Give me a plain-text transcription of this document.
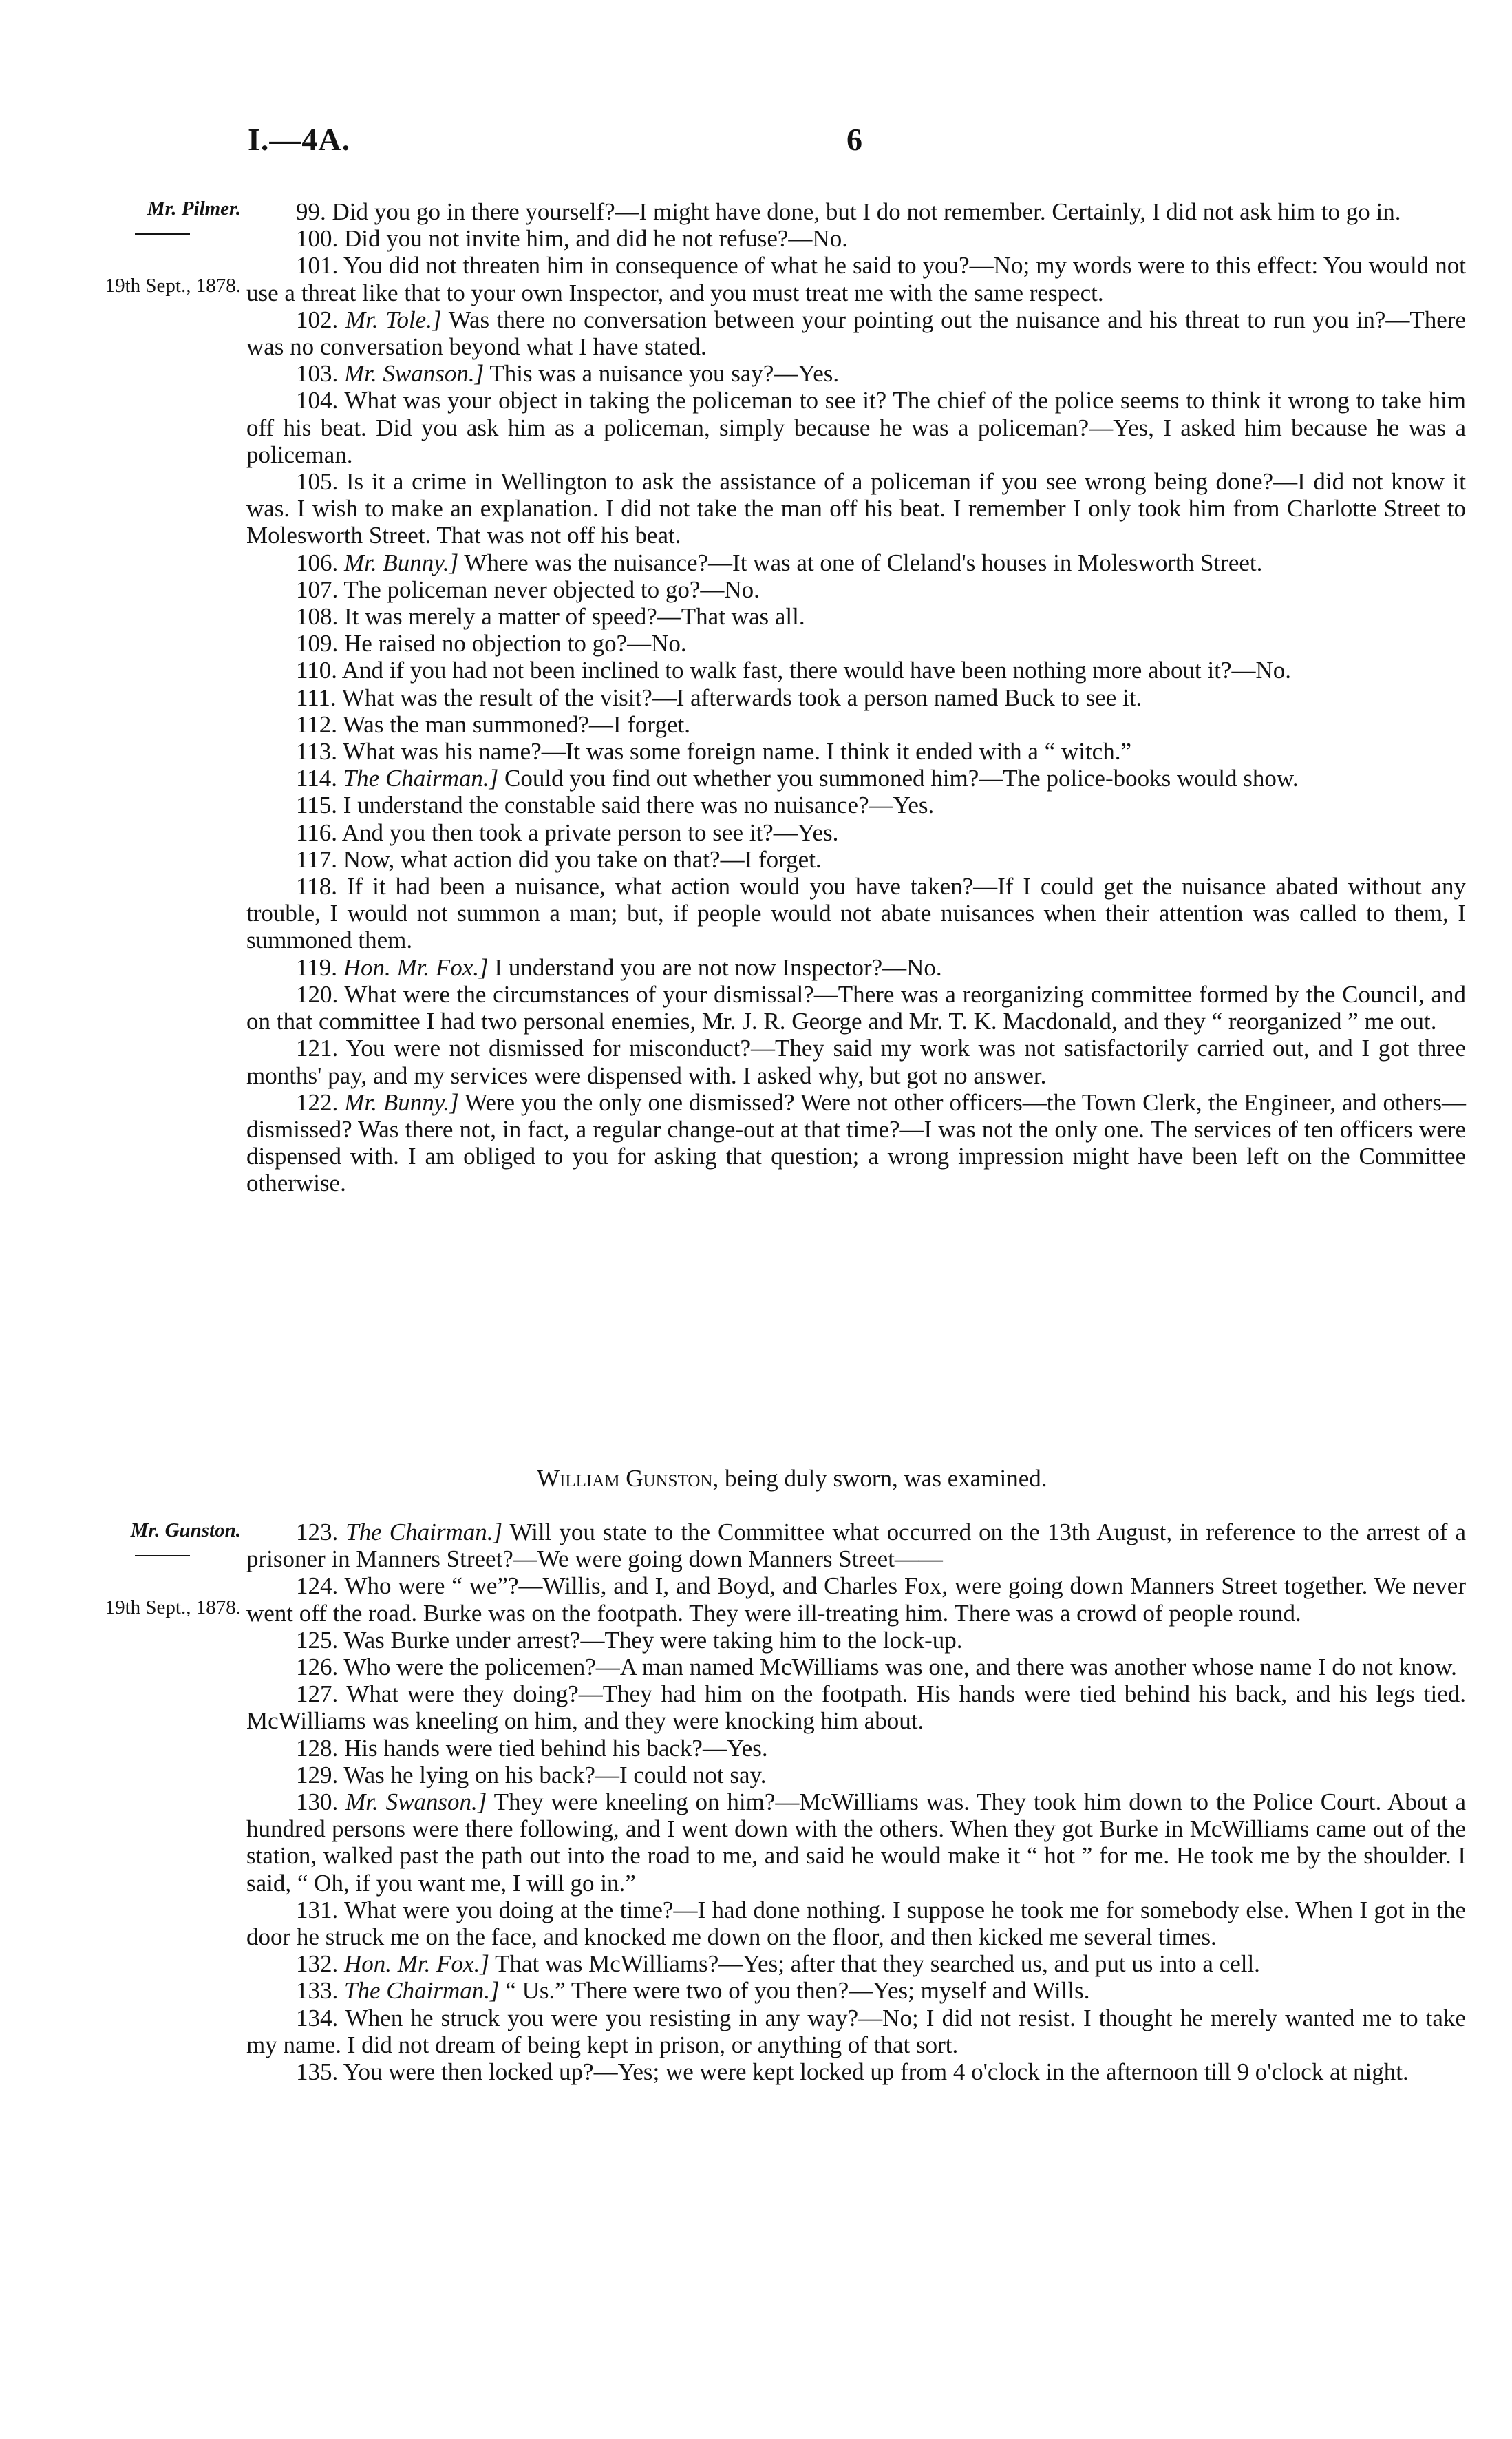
I.—4A.	6
Mr. Pilmer.
19th Sept., 1878.
Mr. Gunston.
19th Sept., 1878.

99. Did you go in there yourself?—I might have done, but I do not remember. Certainly, I did not ask him to go in.

100. Did you not invite him, and did he not refuse?—No.

101. You did not threaten him in consequence of what he said to you?—No; my words were to this effect: You would not use a threat like that to your own Inspector, and you must treat me with the same respect.

102. Mr. Tole.] Was there no conversation between your pointing out the nuisance and his threat to run you in?—There was no conversation beyond what I have stated.

103. Mr. Swanson.] This was a nuisance you say?—Yes.

104. What was your object in taking the policeman to see it? The chief of the police seems to think it wrong to take him off his beat. Did you ask him as a policeman, simply because he was a policeman?—Yes, I asked him because he was a policeman.

105. Is it a crime in Wellington to ask the assistance of a policeman if you see wrong being done?—I did not know it was. I wish to make an explanation. I did not take the man off his beat. I remember I only took him from Charlotte Street to Molesworth Street. That was not off his beat.

106. Mr. Bunny.] Where was the nuisance?—It was at one of Cleland's houses in Molesworth Street.

107. The policeman never objected to go?—No.

108. It was merely a matter of speed?—That was all.

109. He raised no objection to go?—No.

110. And if you had not been inclined to walk fast, there would have been nothing more about it?—No.

111. What was the result of the visit?—I afterwards took a person named Buck to see it.

112. Was the man summoned?—I forget.

113. What was his name?—It was some foreign name. I think it ended with a “ witch.”

114. The Chairman.] Could you find out whether you summoned him?—The police-books would show.

115. I understand the constable said there was no nuisance?—Yes.

116. And you then took a private person to see it?—Yes.

117. Now, what action did you take on that?—I forget.

118. If it had been a nuisance, what action would you have taken?—If I could get the nuisance abated without any trouble, I would not summon a man; but, if people would not abate nuisances when their attention was called to them, I summoned them.

119. Hon. Mr. Fox.] I understand you are not now Inspector?—No.

120. What were the circumstances of your dismissal?—There was a reorganizing committee formed by the Council, and on that committee I had two personal enemies, Mr. J. R. George and Mr. T. K. Macdonald, and they “ reorganized ” me out.

121. You were not dismissed for misconduct?—They said my work was not satisfactorily carried out, and I got three months' pay, and my services were dispensed with. I asked why, but got no answer.

122. Mr. Bunny.] Were you the only one dismissed? Were not other officers—the Town Clerk, the Engineer, and others—dismissed? Was there not, in fact, a regular change-out at that time?—I was not the only one. The services of ten officers were dispensed with. I am obliged to you for asking that question; a wrong impression might have been left on the Committee otherwise.

William Gunston, being duly sworn, was examined.

123. The Chairman.] Will you state to the Committee what occurred on the 13th August, in reference to the arrest of a prisoner in Manners Street?—We were going down Manners Street——

124. Who were “ we”?—Willis, and I, and Boyd, and Charles Fox, were going down Manners Street together. We never went off the road. Burke was on the footpath. They were ill-treating him. There was a crowd of people round.

125. Was Burke under arrest?—They were taking him to the lock-up.

126. Who were the policemen?—A man named McWilliams was one, and there was another whose name I do not know.

127. What were they doing?—They had him on the footpath. His hands were tied behind his back, and his legs tied. McWilliams was kneeling on him, and they were knocking him about.

128. His hands were tied behind his back?—Yes.

129. Was he lying on his back?—I could not say.

130. Mr. Swanson.] They were kneeling on him?—McWilliams was. They took him down to the Police Court. About a hundred persons were there following, and I went down with the others. When they got Burke in McWilliams came out of the station, walked past the path out into the road to me, and said he would make it “ hot ” for me. He took me by the shoulder. I said, “ Oh, if you want me, I will go in.”

131. What were you doing at the time?—I had done nothing. I suppose he took me for somebody else. When I got in the door he struck me on the face, and knocked me down on the floor, and then kicked me several times.

132. Hon. Mr. Fox.] That was McWilliams?—Yes; after that they searched us, and put us into a cell.

133. The Chairman.] “ Us.” There were two of you then?—Yes; myself and Wills.

134. When he struck you were you resisting in any way?—No; I did not resist. I thought he merely wanted me to take my name. I did not dream of being kept in prison, or anything of that sort.

135. You were then locked up?—Yes; we were kept locked up from 4 o'clock in the afternoon till 9 o'clock at night.
